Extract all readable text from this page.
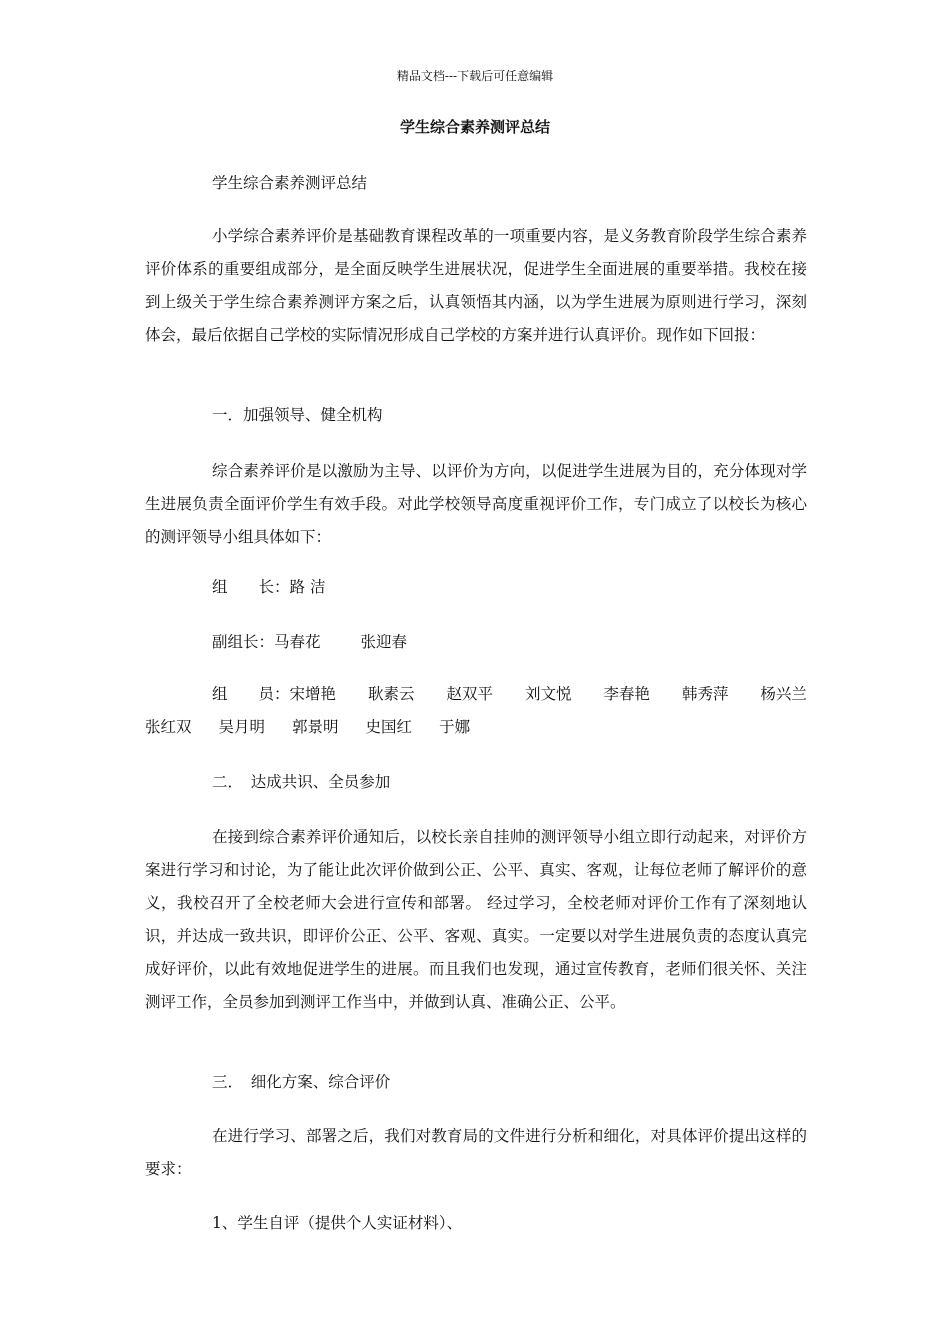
精品文档---下载后可任意编辑
学生综合素养测评总结
学生综合素养测评总结

小学综合素养评价是基础教育课程改革的一项重要内容，是义务教育阶段学生综合素养评价体系的重要组成部分，是全面反映学生进展状况，促进学生全面进展的重要举措。我校在接到上级关于学生综合素养测评方案之后，认真领悟其内涵，以为学生进展为原则进行学习，深刻体会，最后依据自己学校的实际情况形成自己学校的方案并进行认真评价。现作如下回报：

一．加强领导、健全机构

综合素养评价是以激励为主导、以评价为方向，以促进学生进展为目的，充分体现对学生进展负责全面评价学生有效手段。对此学校领导高度重视评价工作，专门成立了以校长为核心的测评领导小组具体如下：

组　　长：路 洁
副组长：马春花	张迎春
组　　员：宋增艳 耿素云 赵双平 刘文悦 李春艳 韩秀萍 杨兴兰
张红双 吴月明 郭景明 史国红 于娜
二．　达成共识、全员参加

在接到综合素养评价通知后，以校长亲自挂帅的测评领导小组立即行动起来，对评价方案进行学习和讨论，为了能让此次评价做到公正、公平、真实、客观，让每位老师了解评价的意义，我校召开了全校老师大会进行宣传和部署。 经过学习，全校老师对评价工作有了深刻地认识，并达成一致共识，即评价公正、公平、客观、真实。一定要以对学生进展负责的态度认真完成好评价，以此有效地促进学生的进展。而且我们也发现，通过宣传教育，老师们很关怀、关注测评工作，全员参加到测评工作当中，并做到认真、准确公正、公平。

三．　细化方案、综合评价

在进行学习、部署之后，我们对教育局的文件进行分析和细化，对具体评价提出这样的要求：

1、学生自评（提供个人实证材料）、
